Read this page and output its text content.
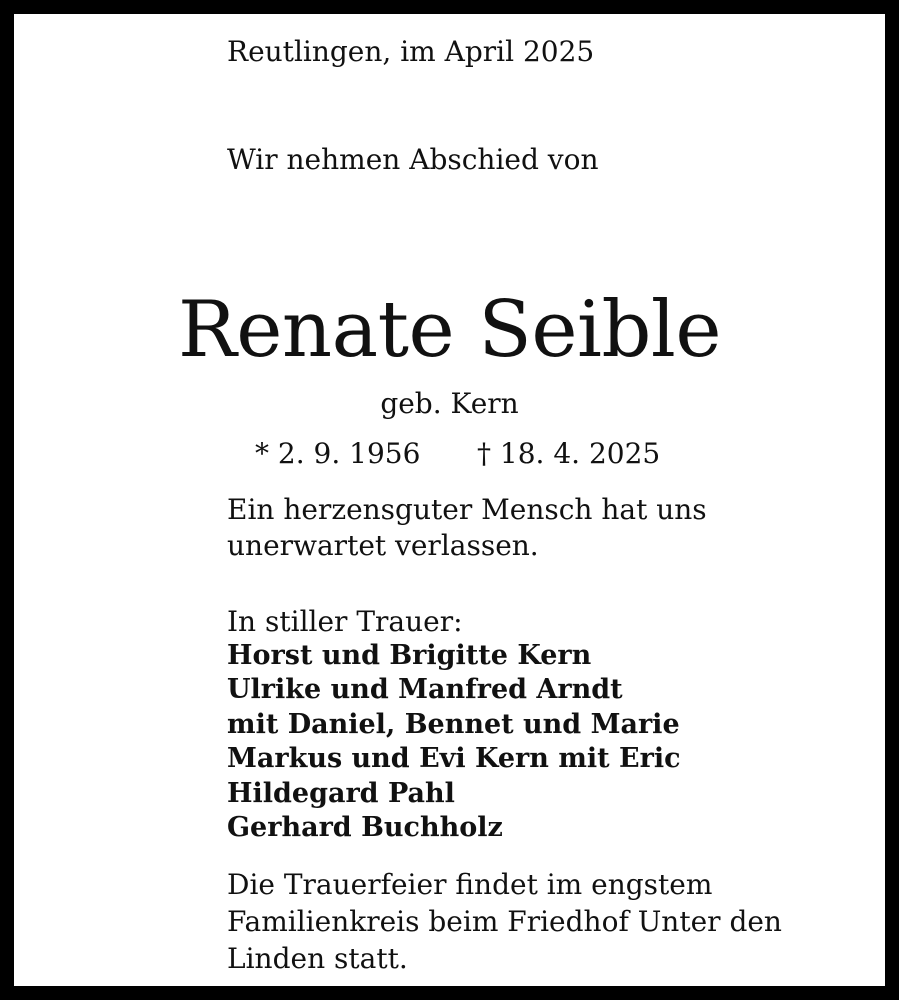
Reutlingen, im April 2025
Wir nehmen Abschied von
Renate Seible
geb. Kern
* 2. 9. 1956 † 18. 4. 2025
Ein herzensguter Mensch hat uns
unerwartet verlassen.
In stiller Trauer:
Horst und Brigitte Kern
Ulrike und Manfred Arndt
mit Daniel, Bennet und Marie
Markus und Evi Kern mit Eric
Hildegard Pahl
Gerhard Buchholz
Die Trauerfeier findet im engstem
Familienkreis beim Friedhof Unter den
Linden statt.
